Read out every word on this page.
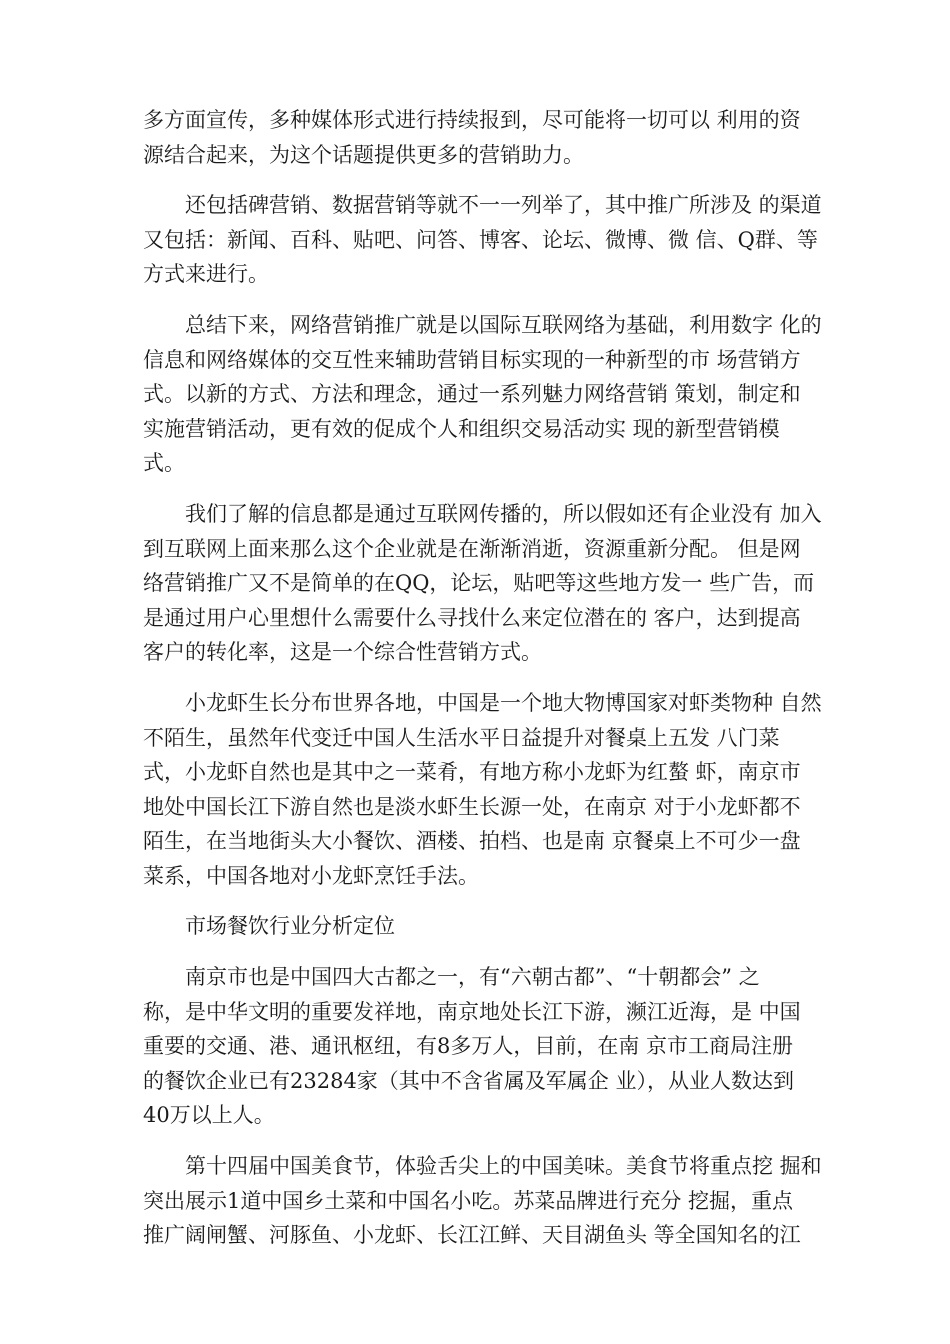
多方面宣传，多种媒体形式进行持续报到，尽可能将一切可以 利用的资
源结合起来，为这个话题提供更多的营销助力。

还包括碑营销、数据营销等就不一一列举了，其中推广所涉及 的渠道
又包括：新闻、百科、贴吧、问答、博客、论坛、微博、微 信、Q群、等
方式来进行。

总结下来，网络营销推广就是以国际互联网络为基础，利用数字 化的
信息和网络媒体的交互性来辅助营销目标实现的一种新型的市 场营销方
式。以新的方式、方法和理念，通过一系列魅力网络营销 策划，制定和
实施营销活动，更有效的促成个人和组织交易活动实 现的新型营销模
式。

我们了解的信息都是通过互联网传播的，所以假如还有企业没有 加入
到互联网上面来那么这个企业就是在渐渐消逝，资源重新分配。 但是网
络营销推广又不是简单的在QQ，论坛，贴吧等这些地方发一 些广告，而
是通过用户心里想什么需要什么寻找什么来定位潜在的 客户，达到提高
客户的转化率，这是一个综合性营销方式。

小龙虾生长分布世界各地，中国是一个地大物博国家对虾类物种 自然
不陌生，虽然年代变迁中国人生活水平日益提升对餐桌上五发 八门菜
式，小龙虾自然也是其中之一菜肴，有地方称小龙虾为红螯 虾，南京市
地处中国长江下游自然也是淡水虾生长源一处，在南京 对于小龙虾都不
陌生，在当地街头大小餐饮、酒楼、拍档、也是南 京餐桌上不可少一盘
菜系，中国各地对小龙虾烹饪手法。

市场餐饮行业分析定位

南京市也是中国四大古都之一，有“六朝古都”、“十朝都会” 之
称，是中华文明的重要发祥地，南京地处长江下游，濒江近海，是 中国
重要的交通、港、通讯枢纽，有8多万人，目前，在南 京市工商局注册
的餐饮企业已有23284家（其中不含省属及军属企 业），从业人数达到
40万以上人。

第十四届中国美食节，体验舌尖上的中国美味。美食节将重点挖 掘和
突出展示1道中国乡土菜和中国名小吃。苏菜品牌进行充分 挖掘，重点
推广阔闸蟹、河豚鱼、小龙虾、长江江鲜、天目湖鱼头 等全国知名的江
